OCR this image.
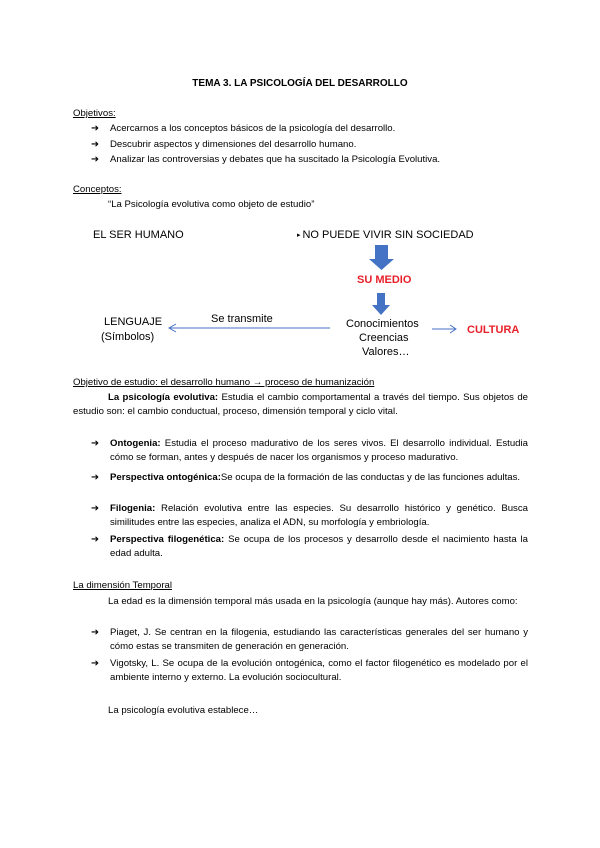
TEMA 3. LA PSICOLOGÍA DEL DESARROLLO
Objetivos:
➔ Acercarnos a los conceptos básicos de la psicología del desarrollo.
➔ Descubrir aspectos y dimensiones del desarrollo humano.
➔ Analizar las controversias y debates que ha suscitado la Psicología Evolutiva.
Conceptos:
“La Psicología evolutiva como objeto de estudio”
EL SER HUMANO	▸ NO PUEDE VIVIR SIN SOCIEDAD
SU MEDIO
LENGUAJE
(Símbolos)
Se transmite	Conocimientos
Creencias
Valores…
CULTURA
Objetivo de estudio: el desarrollo humano → proceso de humanización
La psicología evolutiva: Estudia el cambio comportamental a través del tiempo. Sus objetos de estudio son: el cambio conductual, proceso, dimensión temporal y ciclo vital.
➔ Ontogenia: Estudia el proceso madurativo de los seres vivos. El desarrollo individual. Estudia cómo se forman, antes y después de nacer los organismos y proceso madurativo.
➔ Perspectiva ontogénica:Se ocupa de la formación de las conductas y de las funciones adultas.
➔ Filogenia: Relación evolutiva entre las especies. Su desarrollo histórico y genético. Busca similitudes entre las especies, analiza el ADN, su morfología y embriología.
➔ Perspectiva filogenética: Se ocupa de los procesos y desarrollo desde el nacimiento hasta la edad adulta.
La dimensión Temporal
La edad es la dimensión temporal más usada en la psicología (aunque hay más). Autores como:
➔ Piaget, J. Se centran en la filogenia, estudiando las características generales del ser humano y cómo estas se transmiten de generación en generación.
➔ Vigotsky, L. Se ocupa de la evolución ontogénica, como el factor filogenético es modelado por el ambiente interno y externo. La evolución sociocultural.
La psicología evolutiva establece…
